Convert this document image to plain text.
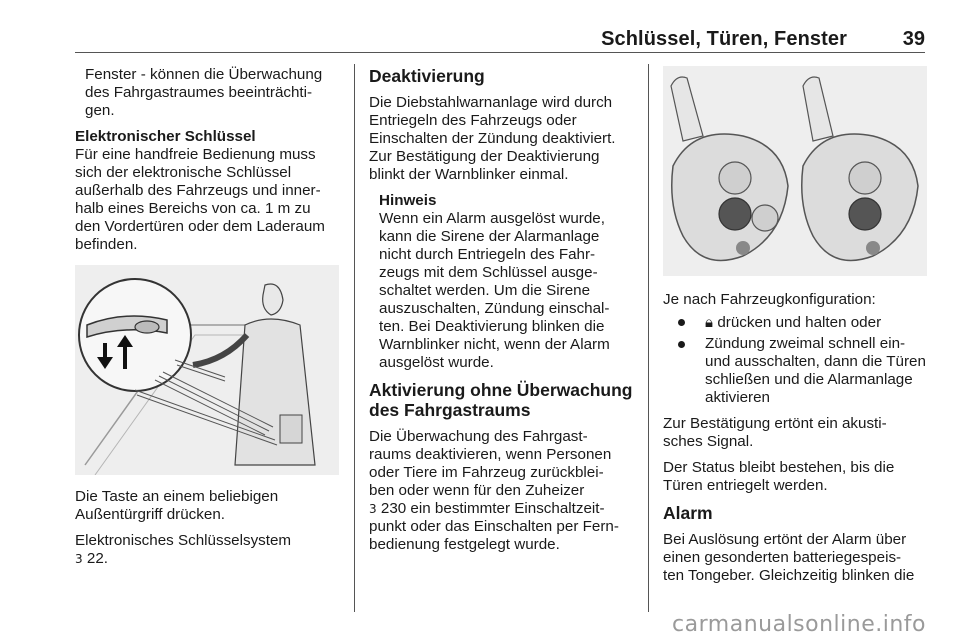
Schlüssel, Türen, Fenster	39

Fenster - können die Überwachung
des Fahrgastraumes beeinträchti-
gen.

Elektronischer Schlüssel

Für eine handfreie Bedienung muss
sich der elektronische Schlüssel
außerhalb des Fahrzeugs und inner-
halb eines Bereichs von ca. 1 m zu
den Vordertüren oder dem Laderaum
befinden.

Die Taste an einem beliebigen
Außentürgriff drücken.

Elektronisches Schlüsselsystem
3 22.

Deaktivierung

Die Diebstahlwarnanlage wird durch
Entriegeln des Fahrzeugs oder
Einschalten der Zündung deaktiviert.
Zur Bestätigung der Deaktivierung
blinkt der Warnblinker einmal.

Hinweis

Wenn ein Alarm ausgelöst wurde,
kann die Sirene der Alarmanlage
nicht durch Entriegeln des Fahr-
zeugs mit dem Schlüssel ausge-
schaltet werden. Um die Sirene
auszuschalten, Zündung einschal-
ten. Bei Deaktivierung blinken die
Warnblinker nicht, wenn der Alarm
ausgelöst wurde.

Aktivierung ohne Überwachung
des Fahrgastraums

Die Überwachung des Fahrgast-
raums deaktivieren, wenn Personen
oder Tiere im Fahrzeug zurückblei-
ben oder wenn für den Zuheizer

3 230 ein bestimmter Einschaltzeit-
punkt oder das Einschalten per Fern-
bedienung festgelegt wurde.

Je nach Fahrzeugkonfiguration:

🔒︎ drücken und halten oder
Zündung zweimal schnell ein-
und ausschalten, dann die Türen
schließen und die Alarmanlage
aktivieren

Zur Bestätigung ertönt ein akusti-
sches Signal.

Der Status bleibt bestehen, bis die
Türen entriegelt werden.

Alarm

Bei Auslösung ertönt der Alarm über
einen gesonderten batteriegespeis-
ten Tongeber. Gleichzeitig blinken die

carmanualsonline.info
